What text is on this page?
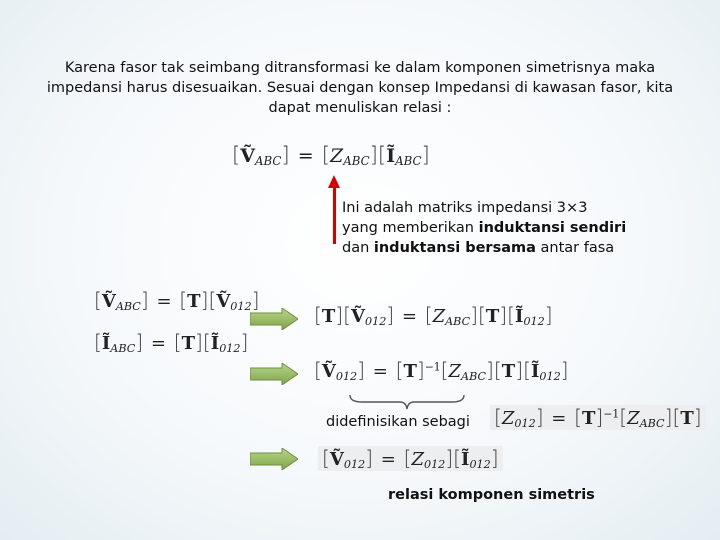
Karena fasor tak seimbang ditransformasi ke dalam komponen simetrisnya maka impedansi harus disesuaikan. Sesuai dengan konsep Impedansi di kawasan fasor, kita dapat menuliskan relasi :
[Ṽ$_{ABC}$] = $[Z_{ABC}][Ĩ_{ABC}]$
Ini adalah matriks impedansi 3×3
yang memberikan induktansi sendiri
dan induktansi bersama antar fasa
[Ṽ$_{ABC}$] = [T][Ṽ$_{012}$]
$[Ĩ_{ABC}]$ = $[T][Ĩ_{012}]$
[T][Ṽ$_{012}$] = $[Z_{ABC}][T][Ĩ_{012}]$
[Ṽ$_{012}$] = $[T]^{-1}[Z_{ABC}][T][Ĩ_{012}]$
didefinisikan sebagi $[Z_{012}] = [T]^{-1}[Z_{ABC}][T]$
[Ṽ$_{012}$] = $[Z_{012}][Ĩ_{012}]$
relasi komponen simetris
